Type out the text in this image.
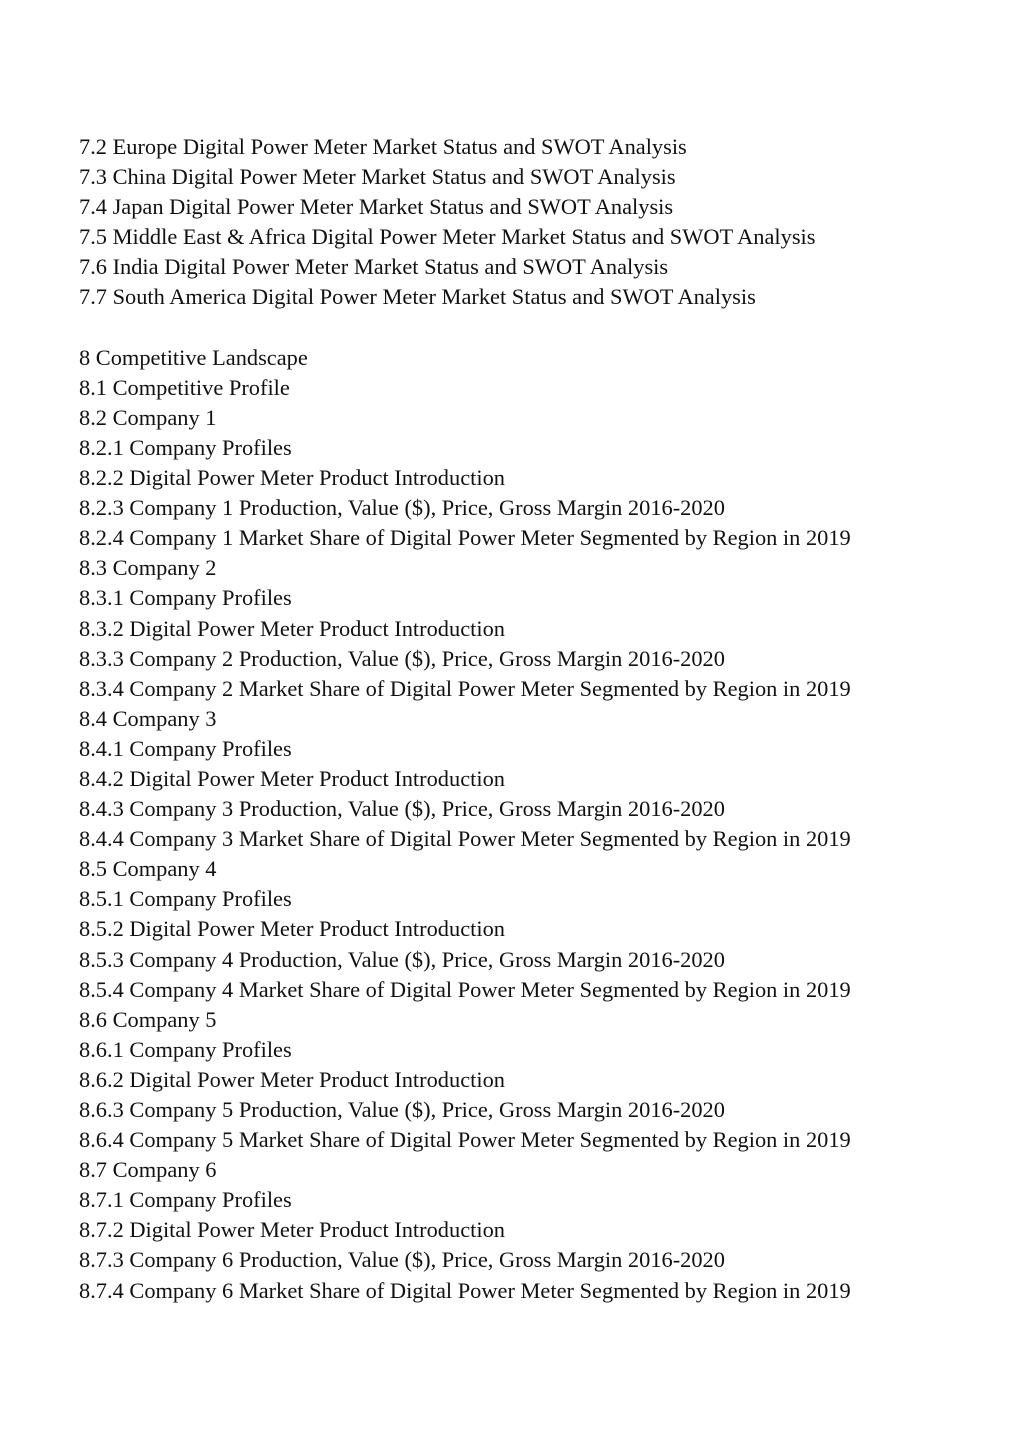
7.2 Europe Digital Power Meter Market Status and SWOT Analysis
7.3 China Digital Power Meter Market Status and SWOT Analysis
7.4 Japan Digital Power Meter Market Status and SWOT Analysis
7.5 Middle East & Africa Digital Power Meter Market Status and SWOT Analysis
7.6 India Digital Power Meter Market Status and SWOT Analysis
7.7 South America Digital Power Meter Market Status and SWOT Analysis
8 Competitive Landscape
8.1 Competitive Profile
8.2 Company 1
8.2.1 Company Profiles
8.2.2 Digital Power Meter Product Introduction
8.2.3 Company 1 Production, Value ($), Price, Gross Margin 2016-2020
8.2.4 Company 1 Market Share of Digital Power Meter Segmented by Region in 2019
8.3 Company 2
8.3.1 Company Profiles
8.3.2 Digital Power Meter Product Introduction
8.3.3 Company 2 Production, Value ($), Price, Gross Margin 2016-2020
8.3.4 Company 2 Market Share of Digital Power Meter Segmented by Region in 2019
8.4 Company 3
8.4.1 Company Profiles
8.4.2 Digital Power Meter Product Introduction
8.4.3 Company 3 Production, Value ($), Price, Gross Margin 2016-2020
8.4.4 Company 3 Market Share of Digital Power Meter Segmented by Region in 2019
8.5 Company 4
8.5.1 Company Profiles
8.5.2 Digital Power Meter Product Introduction
8.5.3 Company 4 Production, Value ($), Price, Gross Margin 2016-2020
8.5.4 Company 4 Market Share of Digital Power Meter Segmented by Region in 2019
8.6 Company 5
8.6.1 Company Profiles
8.6.2 Digital Power Meter Product Introduction
8.6.3 Company 5 Production, Value ($), Price, Gross Margin 2016-2020
8.6.4 Company 5 Market Share of Digital Power Meter Segmented by Region in 2019
8.7 Company 6
8.7.1 Company Profiles
8.7.2 Digital Power Meter Product Introduction
8.7.3 Company 6 Production, Value ($), Price, Gross Margin 2016-2020
8.7.4 Company 6 Market Share of Digital Power Meter Segmented by Region in 2019
